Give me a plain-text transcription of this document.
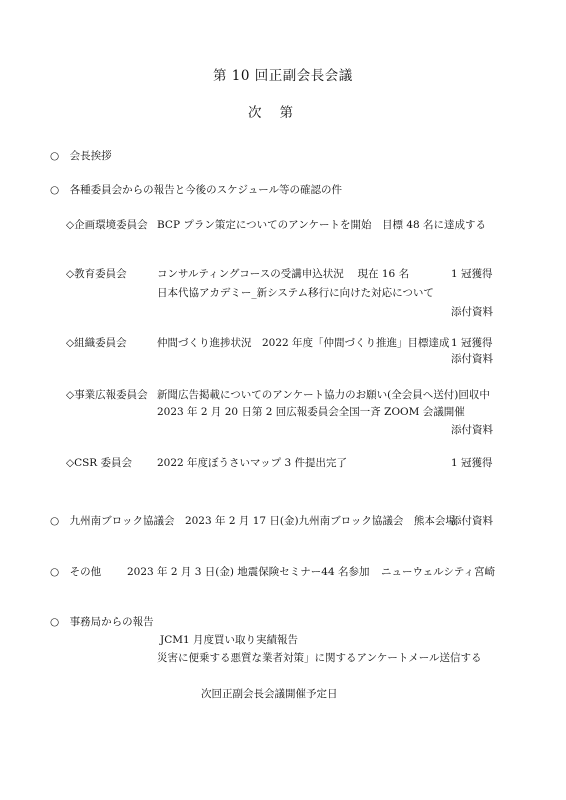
第 10 回正副会長会議
次第
○　会長挨拶
○　各種委員会からの報告と今後のスケジュール等の確認の件
◇企画環境委員会 BCP プラン策定についてのアンケートを開始　目標 48 名に達成する
◇教育委員会	コンサルティングコースの受講申込状況　 現在 16 名	1 冠獲得
日本代協アカデミー_新システム移行に向けた対応について
添付資料
◇組織委員会	仲間づくり進捗状況　2022 年度「仲間づくり推進」目標達成 1 冠獲得
添付資料
◇事業広報委員会 新聞広告掲載についてのアンケート協力のお願い(全会員へ送付)回収中
2023 年 2 月 20 日第 2 回広報委員会全国一斉 ZOOM 会議開催
添付資料
◇CSR 委員会 2022 年度ぼうさいマップ 3 件提出完了	1 冠獲得
○　九州南ブロック協議会　2023 年 2 月 17 日(金)九州南ブロック協議会　熊本会場
添付資料
○　その他 2023 年 2 月 3 日(金) 地震保険セミナー44 名参加 ニューウェルシティ宮崎
○　事務局からの報告
JCM1 月度買い取り実績報告
災害に便乗する悪質な業者対策」に関するアンケートメール送信する
次回正副会長会議開催予定日
